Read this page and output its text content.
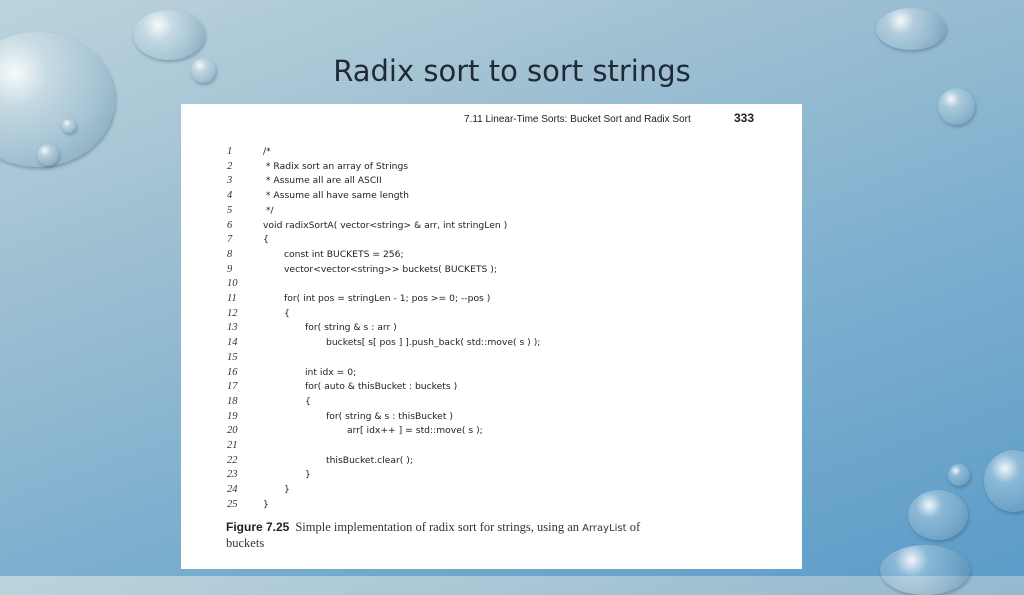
Radix sort to sort strings
7.11 Linear-Time Sorts: Bucket Sort and Radix Sort	333
1	/*
2	* Radix sort an array of Strings
3	* Assume all are all ASCII
4	* Assume all have same length
5	*/
6	void radixSortA( vector<string> & arr, int stringLen )
7	{
8	const int BUCKETS = 256;
9	vector<vector<string>> buckets( BUCKETS );
10
11	for( int pos = stringLen - 1; pos >= 0; --pos )
12	{
13	for( string & s : arr )
14	buckets[ s[ pos ] ].push_back( std::move( s ) );
15
16	int idx = 0;
17	for( auto & thisBucket : buckets )
18	{
19	for( string & s : thisBucket )
20	arr[ idx++ ] = std::move( s );
21
22	thisBucket.clear( );
23	}
24	}
25	}
Figure 7.25 Simple implementation of radix sort for strings, using an ArrayList of buckets
